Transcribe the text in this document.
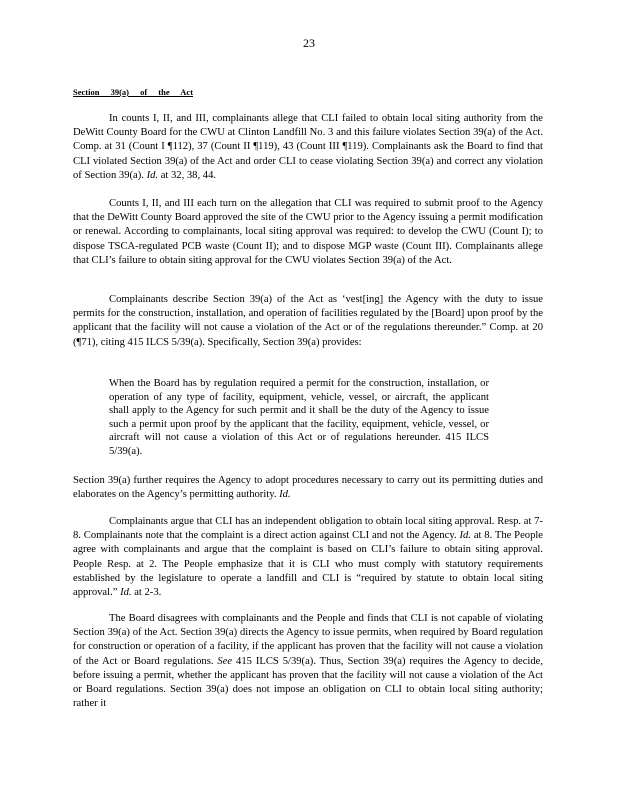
23
Section 39(a) of the Act

In counts I, II, and III, complainants allege that CLI failed to obtain local siting authority from the DeWitt County Board for the CWU at Clinton Landfill No. 3 and this failure violates Section 39(a) of the Act. Comp. at 31 (Count I ¶112), 37 (Count II ¶119), 43 (Count III ¶119). Complainants ask the Board to find that CLI violated Section 39(a) of the Act and order CLI to cease violating Section 39(a) and correct any violation of Section 39(a). Id. at 32, 38, 44.

Counts I, II, and III each turn on the allegation that CLI was required to submit proof to the Agency that the DeWitt County Board approved the site of the CWU prior to the Agency issuing a permit modification or renewal. According to complainants, local siting approval was required: to develop the CWU (Count I); to dispose TSCA-regulated PCB waste (Count II); and to dispose MGP waste (Count III). Complainants allege that CLI’s failure to obtain siting approval for the CWU violates Section 39(a) of the Act.

Complainants describe Section 39(a) of the Act as ‘vest[ing] the Agency with the duty to issue permits for the construction, installation, and operation of facilities regulated by the [Board] upon proof by the applicant that the facility will not cause a violation of the Act or of the regulations thereunder.” Comp. at 20 (¶71), citing 415 ILCS 5/39(a). Specifically, Section 39(a) provides:

When the Board has by regulation required a permit for the construction, installation, or operation of any type of facility, equipment, vehicle, vessel, or aircraft, the applicant shall apply to the Agency for such permit and it shall be the duty of the Agency to issue such a permit upon proof by the applicant that the facility, equipment, vehicle, vessel, or aircraft will not cause a violation of this Act or of regulations hereunder. 415 ILCS 5/39(a).

Section 39(a) further requires the Agency to adopt procedures necessary to carry out its permitting duties and elaborates on the Agency’s permitting authority. Id.

Complainants argue that CLI has an independent obligation to obtain local siting approval. Resp. at 7-8. Complainants note that the complaint is a direct action against CLI and not the Agency. Id. at 8. The People agree with complainants and argue that the complaint is based on CLI’s failure to obtain siting approval. People Resp. at 2. The People emphasize that it is CLI who must comply with statutory requirements established by the legislature to operate a landfill and CLI is “required by statute to obtain local siting approval.” Id. at 2-3.

The Board disagrees with complainants and the People and finds that CLI is not capable of violating Section 39(a) of the Act. Section 39(a) directs the Agency to issue permits, when required by Board regulation for construction or operation of a facility, if the applicant has proven that the facility will not cause a violation of the Act or Board regulations. See 415 ILCS 5/39(a). Thus, Section 39(a) requires the Agency to decide, before issuing a permit, whether the applicant has proven that the facility will not cause a violation of the Act or Board regulations. Section 39(a) does not impose an obligation on CLI to obtain local siting authority; rather it
